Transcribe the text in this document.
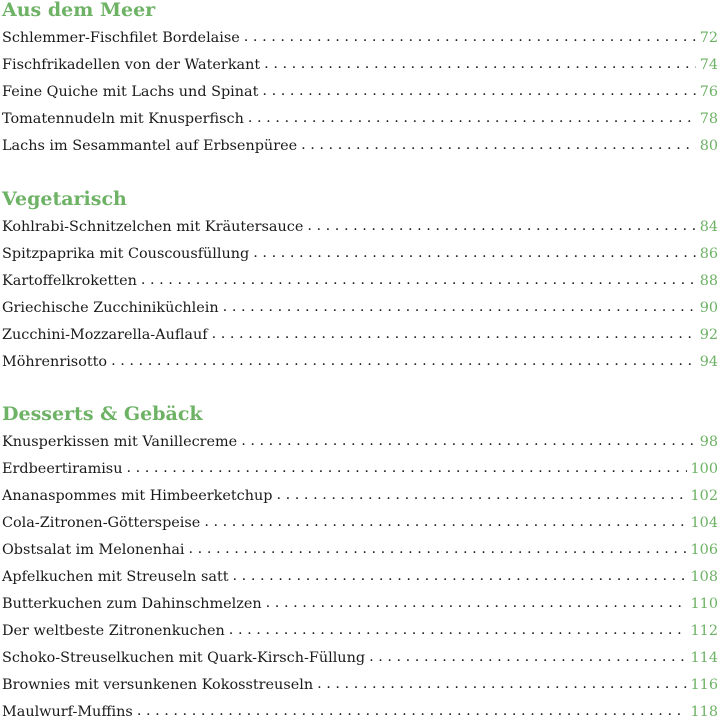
Aus dem Meer
Schlemmer-Fischfilet Bordelaise . . .	72
Fischfrikadellen von der Waterkant . . .	74
Feine Quiche mit Lachs und Spinat . . .	76
Tomatennudeln mit Knusperfisch . . .	78
Lachs im Sesammantel auf Erbsenpüree . . .	80
Vegetarisch
Kohlrabi-Schnitzelchen mit Kräutersauce . . .	84
Spitzpaprika mit Couscousfüllung . . .	86
Kartoffelkroketten . . .	88
Griechische Zucchiniküchlein . . .	90
Zucchini-Mozzarella-Auflauf . . .	92
Möhrenrisotto . . .	94
Desserts & Gebäck
Knusperkissen mit Vanillecreme . . .	98
Erdbeertiramisu . . .	100
Ananaspommes mit Himbeerketchup . . .	102
Cola-Zitronen-Götterspeise . . .	104
Obstsalat im Melonenhai . . .	106
Apfelkuchen mit Streuseln satt . . .	108
Butterkuchen zum Dahinschmelzen . . .	110
Der weltbeste Zitronenkuchen . . .	112
Schoko-Streuselkuchen mit Quark-Kirsch-Füllung . . .	114
Brownies mit versunkenen Kokosstreuseln . . .	116
Maulwurf-Muffins . . .	118
